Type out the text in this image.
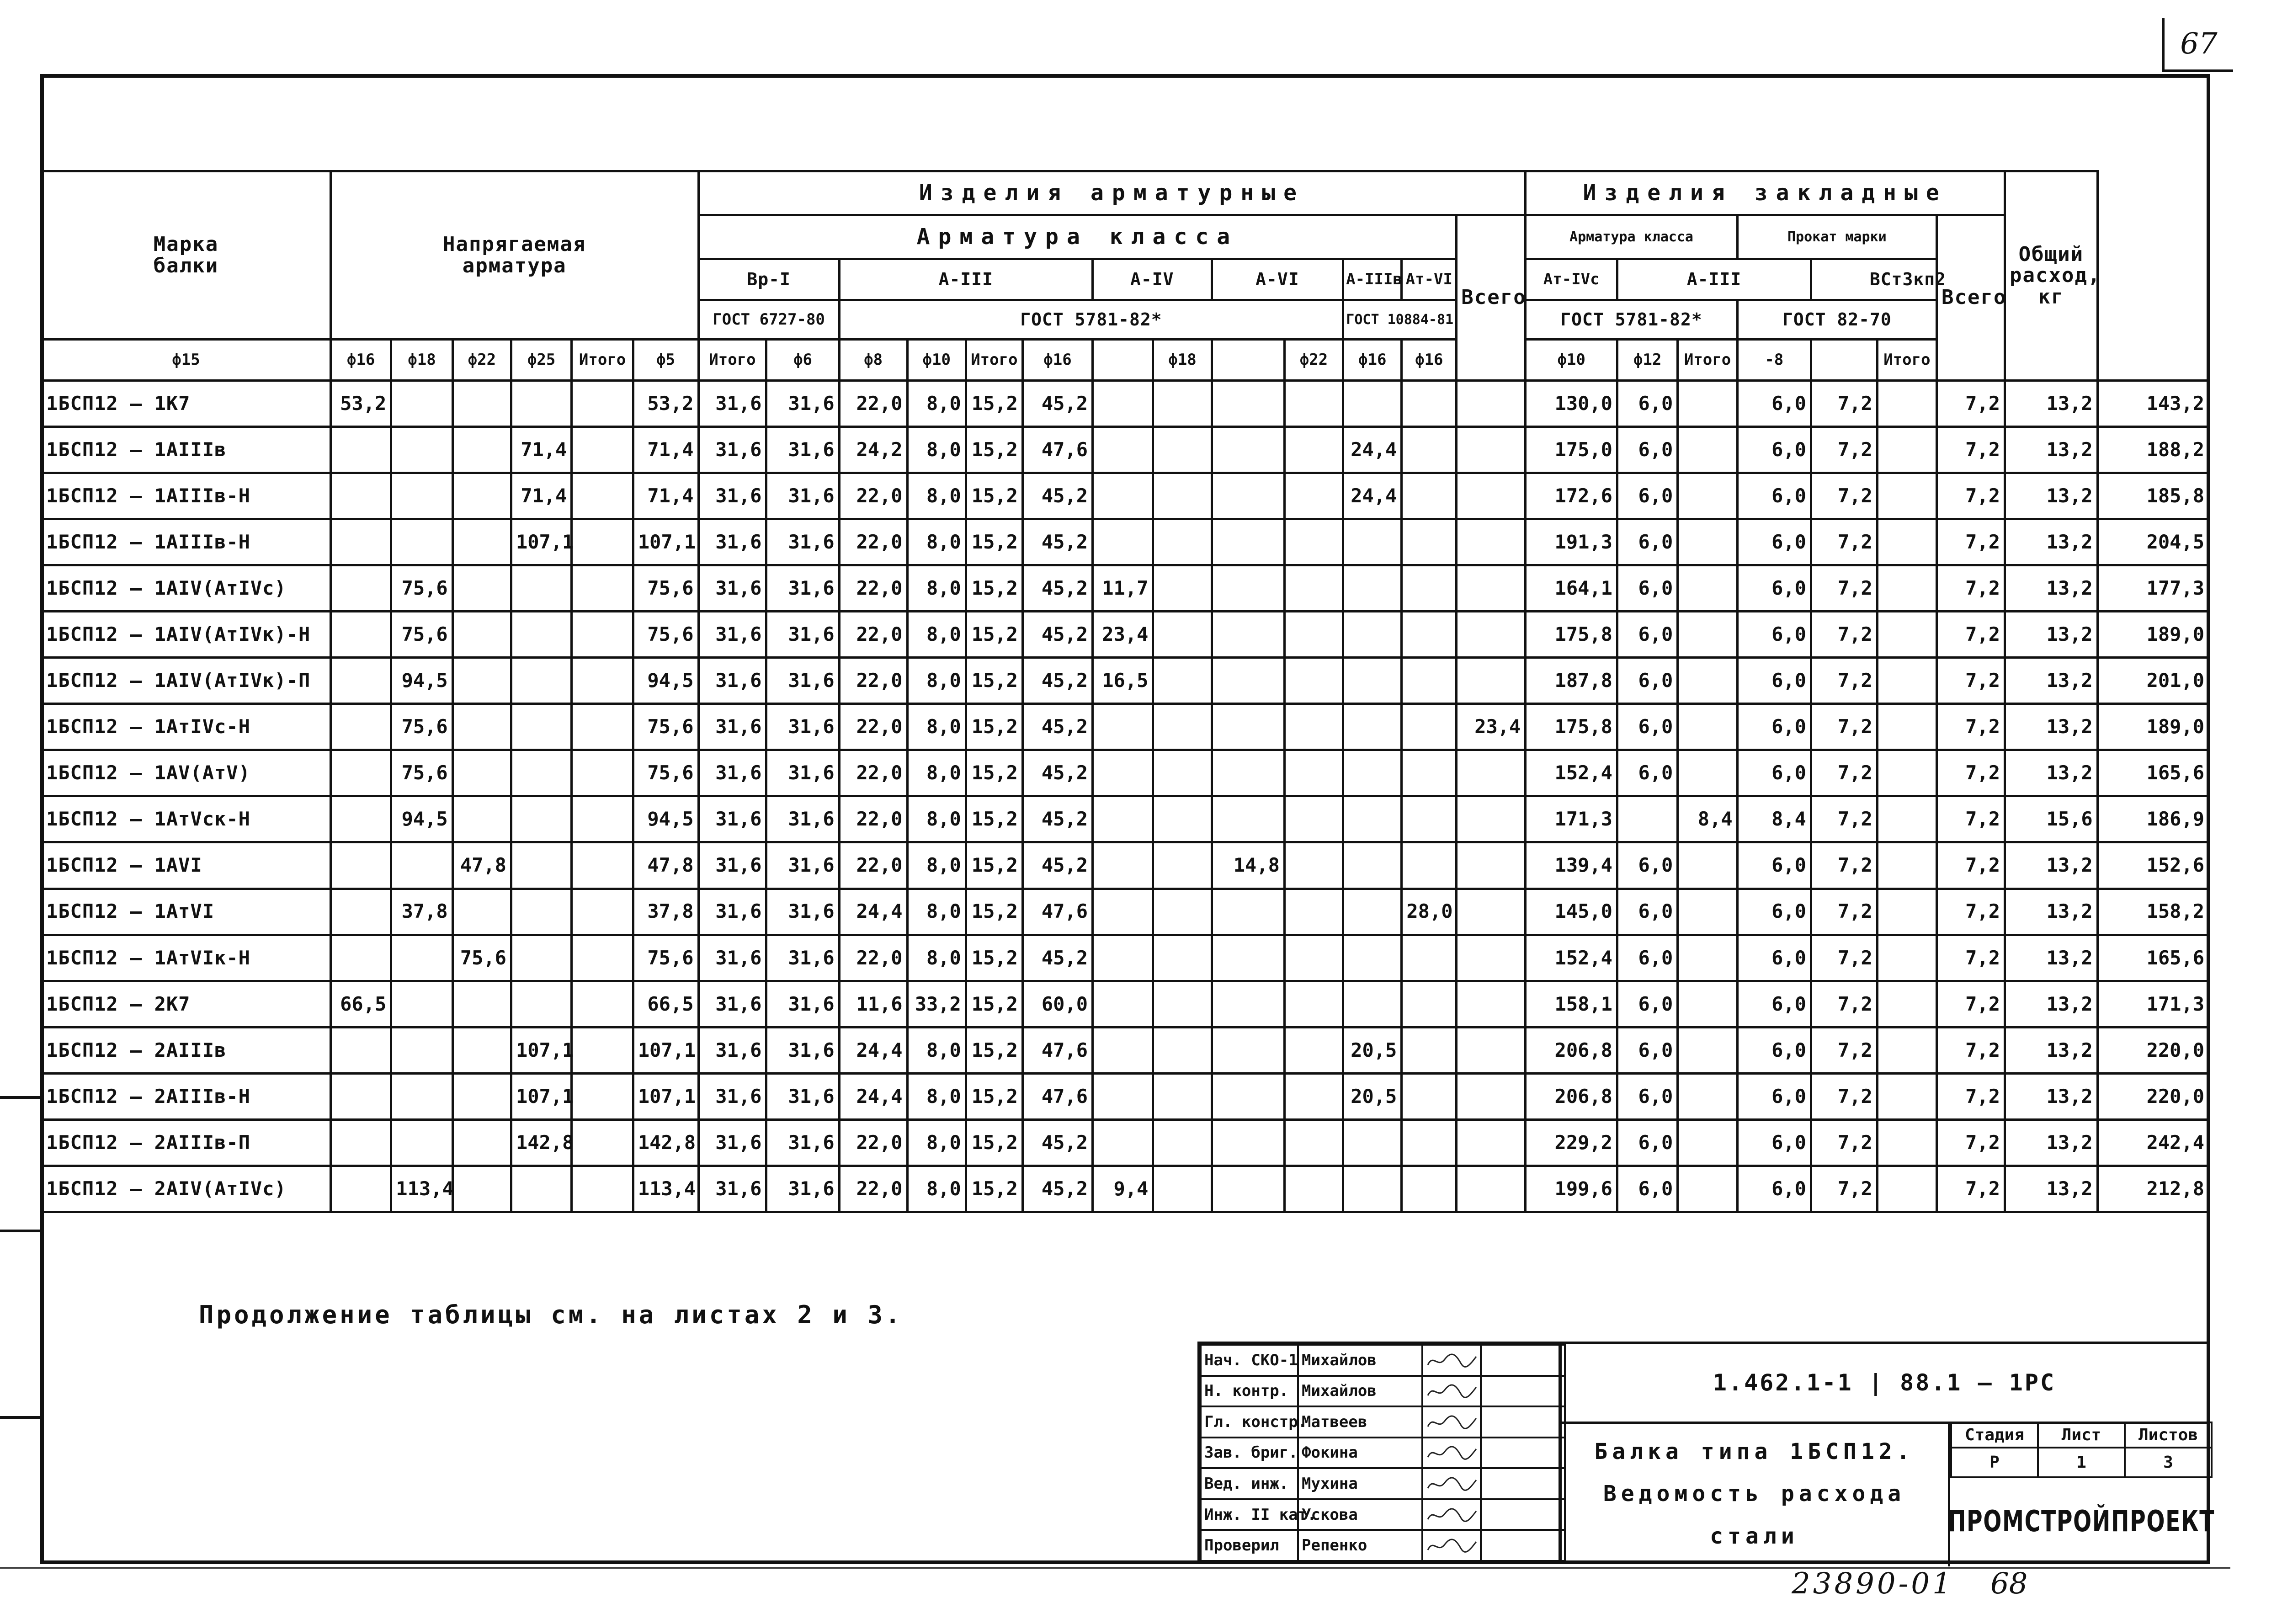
67
Марка
балки	Напрягаемая
арматура						Изделия арматурные													Изделия закладные							Общий расход, кг	
							Арматура класса												Всего	Арматура класса			Прокат марки			Всего		
							Вр-I		А-III				А-IV		А-VI		А-IIIв	Ат-VI		Ат-IVс	А-III			ВСт3кп2				
							ГОСТ 6727-80		ГОСТ 5781-82*								ГОСТ 10884-81			ГОСТ 5781-82*			ГОСТ 82-70					
ф15	ф16	ф18	ф22	ф25	Итого	ф5	Итого	ф6	ф8	ф10	Итого	ф16		ф18		ф22	ф16	ф16		ф10	ф12	Итого	-8		Итого			
1БСП12 – 1К7	53,2					53,2	31,6	31,6	22,0	8,0	15,2	45,2								130,0	6,0		6,0	7,2		7,2	13,2	143,2
1БСП12 – 1АIIIв				71,4		71,4	31,6	31,6	24,2	8,0	15,2	47,6					24,4			175,0	6,0		6,0	7,2		7,2	13,2	188,2
1БСП12 – 1АIIIв-Н				71,4		71,4	31,6	31,6	22,0	8,0	15,2	45,2					24,4			172,6	6,0		6,0	7,2		7,2	13,2	185,8
1БСП12 – 1АIIIв-Н				107,1		107,1	31,6	31,6	22,0	8,0	15,2	45,2								191,3	6,0		6,0	7,2		7,2	13,2	204,5
1БСП12 – 1АIV(АтIVс)		75,6				75,6	31,6	31,6	22,0	8,0	15,2	45,2	11,7							164,1	6,0		6,0	7,2		7,2	13,2	177,3
1БСП12 – 1АIV(АтIVк)-Н		75,6				75,6	31,6	31,6	22,0	8,0	15,2	45,2	23,4							175,8	6,0		6,0	7,2		7,2	13,2	189,0
1БСП12 – 1АIV(АтIVк)-П		94,5				94,5	31,6	31,6	22,0	8,0	15,2	45,2	16,5							187,8	6,0		6,0	7,2		7,2	13,2	201,0
1БСП12 – 1АтIVс-Н		75,6				75,6	31,6	31,6	22,0	8,0	15,2	45,2							23,4	175,8	6,0		6,0	7,2		7,2	13,2	189,0
1БСП12 – 1АV(АтV)		75,6				75,6	31,6	31,6	22,0	8,0	15,2	45,2								152,4	6,0		6,0	7,2		7,2	13,2	165,6
1БСП12 – 1АтVск-Н		94,5				94,5	31,6	31,6	22,0	8,0	15,2	45,2								171,3		8,4	8,4	7,2		7,2	15,6	186,9
1БСП12 – 1АVI			47,8			47,8	31,6	31,6	22,0	8,0	15,2	45,2			14,8					139,4	6,0		6,0	7,2		7,2	13,2	152,6
1БСП12 – 1АтVI		37,8				37,8	31,6	31,6	24,4	8,0	15,2	47,6						28,0		145,0	6,0		6,0	7,2		7,2	13,2	158,2
1БСП12 – 1АтVIк-Н			75,6			75,6	31,6	31,6	22,0	8,0	15,2	45,2								152,4	6,0		6,0	7,2		7,2	13,2	165,6
1БСП12 – 2К7	66,5					66,5	31,6	31,6	11,6	33,2	15,2	60,0								158,1	6,0		6,0	7,2		7,2	13,2	171,3
1БСП12 – 2АIIIв				107,1		107,1	31,6	31,6	24,4	8,0	15,2	47,6					20,5			206,8	6,0		6,0	7,2		7,2	13,2	220,0
1БСП12 – 2АIIIв-Н				107,1		107,1	31,6	31,6	24,4	8,0	15,2	47,6					20,5			206,8	6,0		6,0	7,2		7,2	13,2	220,0
1БСП12 – 2АIIIв-П				142,8		142,8	31,6	31,6	22,0	8,0	15,2	45,2								229,2	6,0		6,0	7,2		7,2	13,2	242,4
1БСП12 – 2АIV(АтIVс)		113,4				113,4	31,6	31,6	22,0	8,0	15,2	45,2	9,4							199,6	6,0		6,0	7,2		7,2	13,2	212,8
Продолжение таблицы см. на листах 2 и 3.
Нач. СКО-1	Михайлов	

Н. контр.	Михайлов	

Гл. констр.	Матвеев	

Зав. бриг.	Фокина	

Вед. инж.	Мухина	

Инж. II кат.	Ускова	

Проверил	Репенко	

1.462.1-1 | 88.1 – 1РС
Балка типа 1БСП12.
Ведомость расхода
стали
Стадия	Лист	Листов
Р	1	3
ПРОМСТРОЙПРОЕКТ
23890-01 68
